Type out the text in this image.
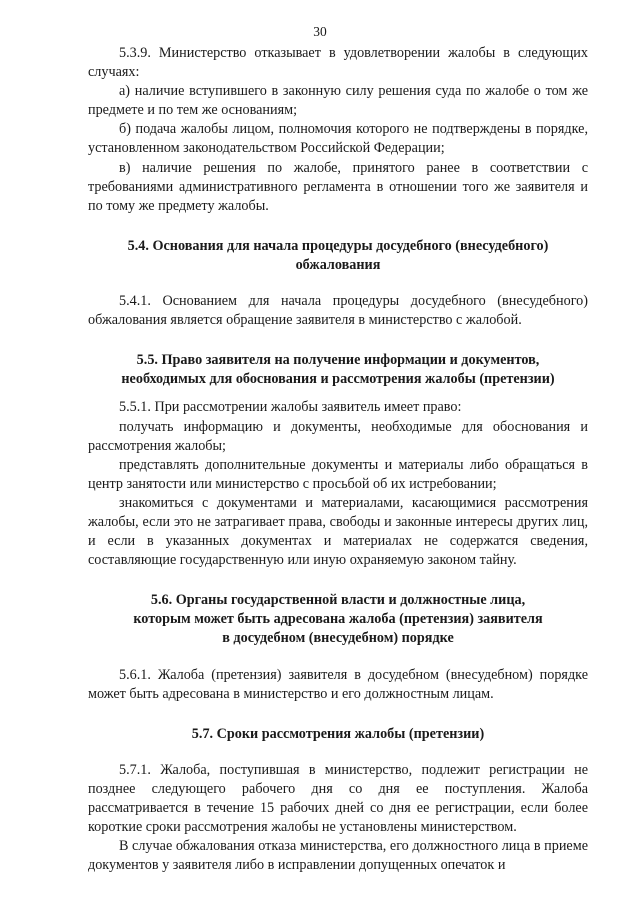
30

5.3.9. Министерство отказывает в удовлетворении жалобы в следующих случаях:

а) наличие вступившего в законную силу решения суда по жалобе о том же предмете и по тем же основаниям;

б) подача жалобы лицом, полномочия которого не подтверждены в порядке, установленном законодательством Российской Федерации;

в) наличие решения по жалобе, принятого ранее в соответствии с требованиями административного регламента в отношении того же заявителя и по тому же предмету жалобы.

5.4. Основания для начала процедуры досудебного (внесудебного)
обжалования

5.4.1. Основанием для начала процедуры досудебного (внесудебного) обжалования является обращение заявителя в министерство с жалобой.

5.5. Право заявителя на получение информации и документов,
необходимых для обоснования и рассмотрения жалобы (претензии)

5.5.1. При рассмотрении жалобы заявитель имеет право:

получать информацию и документы, необходимые для обоснования и рассмотрения жалобы;

представлять дополнительные документы и материалы либо обращаться в центр занятости или министерство с просьбой об их истребовании;

знакомиться с документами и материалами, касающимися рассмотрения жалобы, если это не затрагивает права, свободы и законные интересы других лиц, и если в указанных документах и материалах не содержатся сведения, составляющие государственную или иную охраняемую законом тайну.

5.6. Органы государственной власти и должностные лица,
которым может быть адресована жалоба (претензия) заявителя
в досудебном (внесудебном) порядке

5.6.1. Жалоба (претензия) заявителя в досудебном (внесудебном) порядке может быть адресована в министерство и его должностным лицам.

5.7. Сроки рассмотрения жалобы (претензии)

5.7.1. Жалоба, поступившая в министерство, подлежит регистрации не позднее следующего рабочего дня со дня ее поступления. Жалоба рассматривается в течение 15 рабочих дней со дня ее регистрации, если более короткие сроки рассмотрения жалобы не установлены министерством.

В случае обжалования отказа министерства, его должностного лица в приеме документов у заявителя либо в исправлении допущенных опечаток и
